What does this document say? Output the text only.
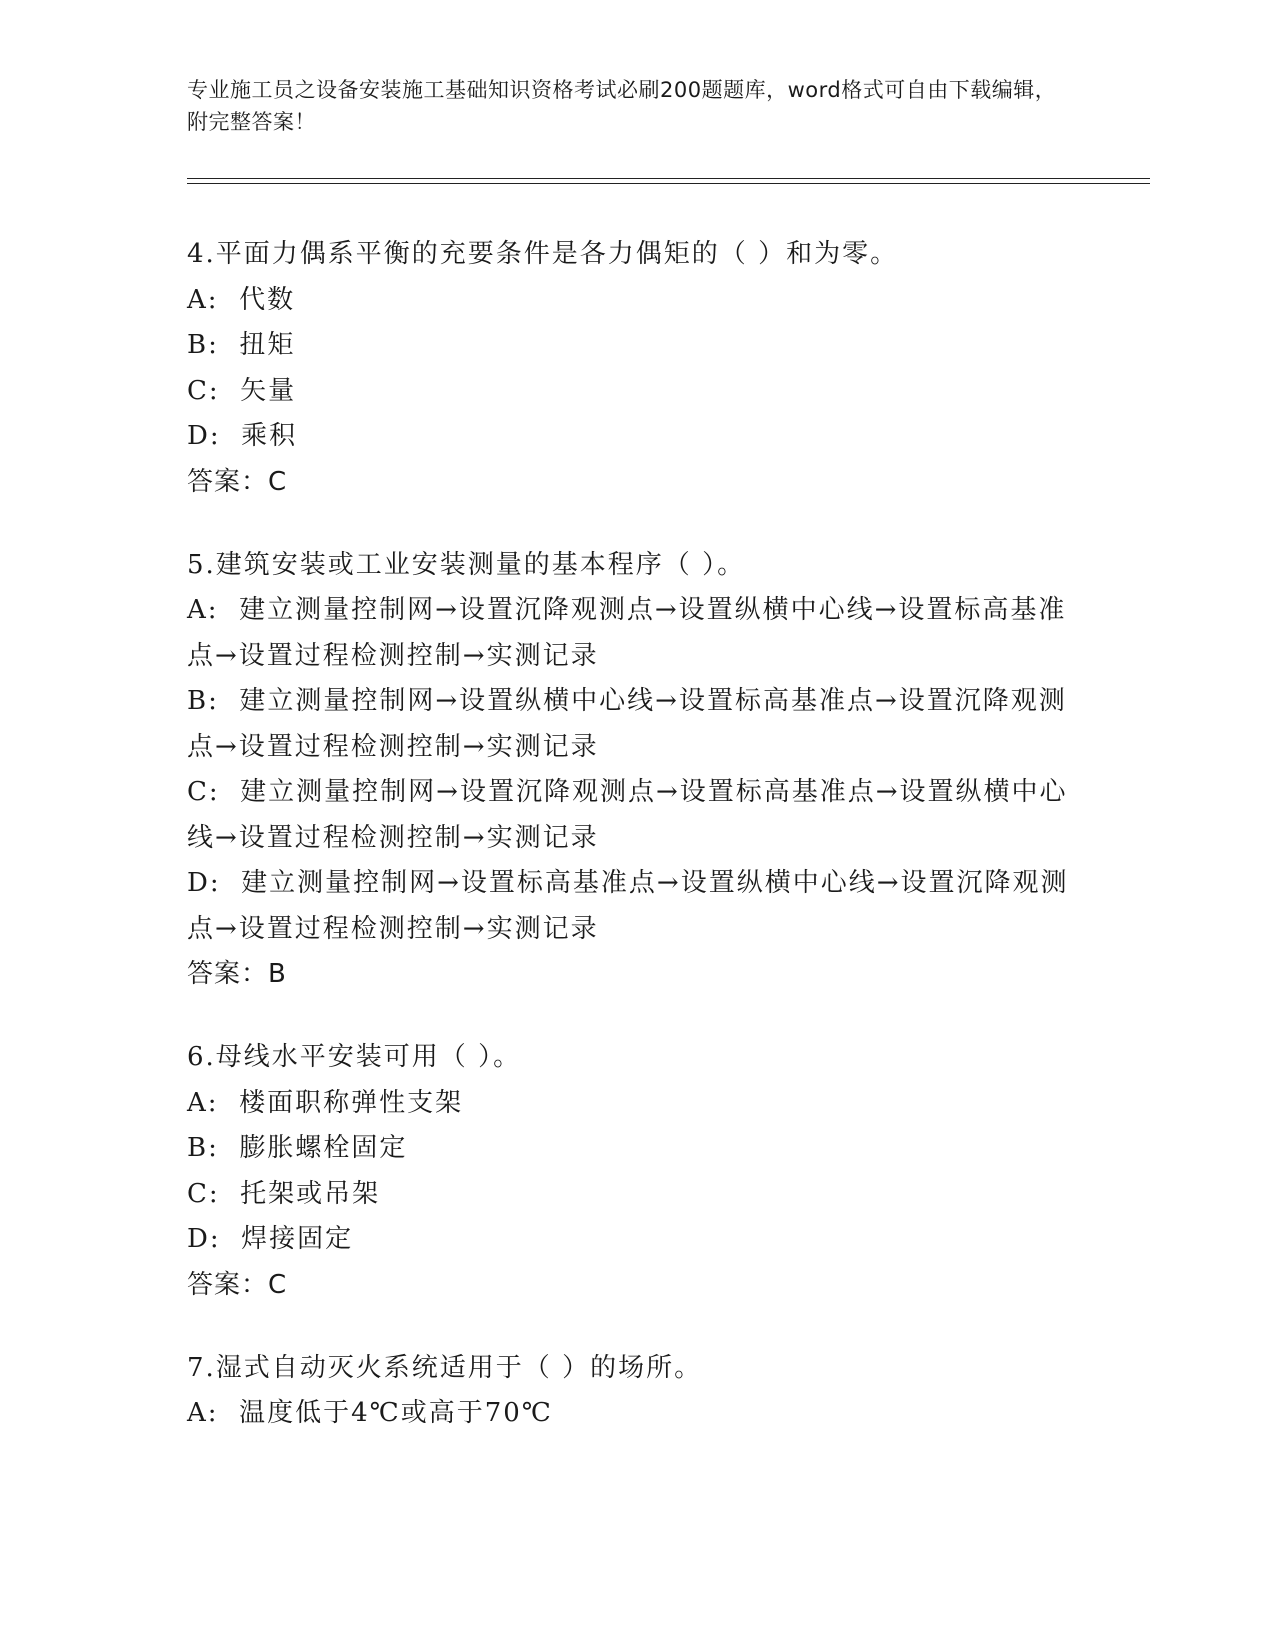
专业施工员之设备安装施工基础知识资格考试必刷200题题库，word格式可自由下载编辑，附完整答案！
4.平面力偶系平衡的充要条件是各力偶矩的（ ）和为零。
A:  代数
B:  扭矩
C:  矢量
D:  乘积
答案：C
5.建筑安装或工业安装测量的基本程序（ ）。
A:  建立测量控制网→设置沉降观测点→设置纵横中心线→设置标高基准点→设置过程检测控制→实测记录
B:  建立测量控制网→设置纵横中心线→设置标高基准点→设置沉降观测点→设置过程检测控制→实测记录
C:  建立测量控制网→设置沉降观测点→设置标高基准点→设置纵横中心线→设置过程检测控制→实测记录
D:  建立测量控制网→设置标高基准点→设置纵横中心线→设置沉降观测点→设置过程检测控制→实测记录
答案：B
6.母线水平安装可用（ ）。
A:  楼面职称弹性支架
B:  膨胀螺栓固定
C:  托架或吊架
D:  焊接固定
答案：C
7.湿式自动灭火系统适用于（ ）的场所。
A:  温度低于4℃或高于70℃
